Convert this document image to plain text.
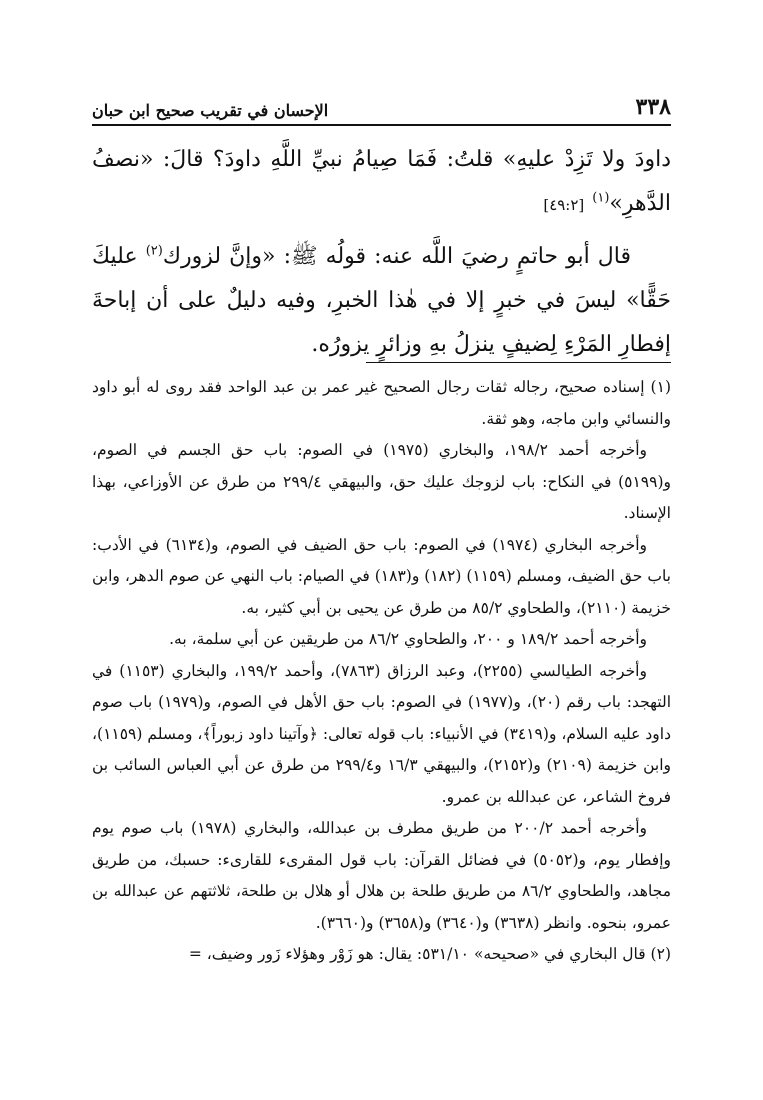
٣٣٨
الإحسان في تقريب صحيح ابن حبان

داودَ ولا تَزِدْ عليهِ» قلتُ: فَمَا صِيامُ نبيِّ اللَّهِ داودَ؟ قالَ: «نصفُ الدَّهرِ»$^{(١)}$[٤٩:٢]

قال أبو حاتمٍ رضيَ اللَّه عنه: قولُه ﷺ: «وإنَّ لزورك$^{(٢)}$ عليكَ حَقًّا» ليسَ في خبرٍ إلا في هٰذا الخبرِ، وفيه دليلٌ على أن إباحةَ إفطارِ المَرْءِ لِضيفٍ ينزلُ بهِ وزائرٍ يزورُه.

(١) إسناده صحيح، رجاله ثقات رجال الصحيح غير عمر بن عبد الواحد فقد روى له أبو داود والنسائي وابن ماجه، وهو ثقة.

وأخرجه أحمد ١٩٨/٢، والبخاري (١٩٧٥) في الصوم: باب حق الجسم في الصوم، و(٥١٩٩) في النكاح: باب لزوجك عليك حق، والبيهقي ٢٩٩/٤ من طرق عن الأوزاعي، بهذا الإسناد.

وأخرجه البخاري (١٩٧٤) في الصوم: باب حق الضيف في الصوم، و(٦١٣٤) في الأدب: باب حق الضيف، ومسلم (١١٥٩) (١٨٢) و(١٨٣) في الصيام: باب النهي عن صوم الدهر، وابن خزيمة (٢١١٠)، والطحاوي ٨٥/٢ من طرق عن يحيى بن أبي كثير، به.

وأخرجه أحمد ١٨٩/٢ و ٢٠٠، والطحاوي ٨٦/٢ من طريقين عن أبي سلمة، به.

وأخرجه الطيالسي (٢٢٥٥)، وعبد الرزاق (٧٨٦٣)، وأحمد ١٩٩/٢، والبخاري (١١٥٣) في التهجد: باب رقم (٢٠)، و(١٩٧٧) في الصوم: باب حق الأهل في الصوم، و(١٩٧٩) باب صوم داود عليه السلام، و(٣٤١٩) في الأنبياء: باب قوله تعالى: ﴿وآتينا داود زبوراً﴾، ومسلم (١١٥٩)، وابن خزيمة (٢١٠٩) و(٢١٥٢)، والبيهقي ١٦/٣ و٢٩٩/٤ من طرق عن أبي العباس السائب بن فروخ الشاعر، عن عبدالله بن عمرو.

وأخرجه أحمد ٢٠٠/٢ من طريق مطرف بن عبدالله، والبخاري (١٩٧٨) باب صوم يوم وإفطار يوم، و(٥٠٥٢) في فضائل القرآن: باب قول المقرىء للقارىء: حسبك، من طريق مجاهد، والطحاوي ٨٦/٢ من طريق طلحة بن هلال أو هلال بن طلحة، ثلاثتهم عن عبدالله بن عمرو، بنحوه. وانظر (٣٦٣٨) و(٣٦٤٠) و(٣٦٥٨) و(٣٦٦٠).

(٢) قال البخاري في «صحيحه» ٥٣١/١٠: يقال: هو زَوْر وهؤلاء زَور وضيف، =
